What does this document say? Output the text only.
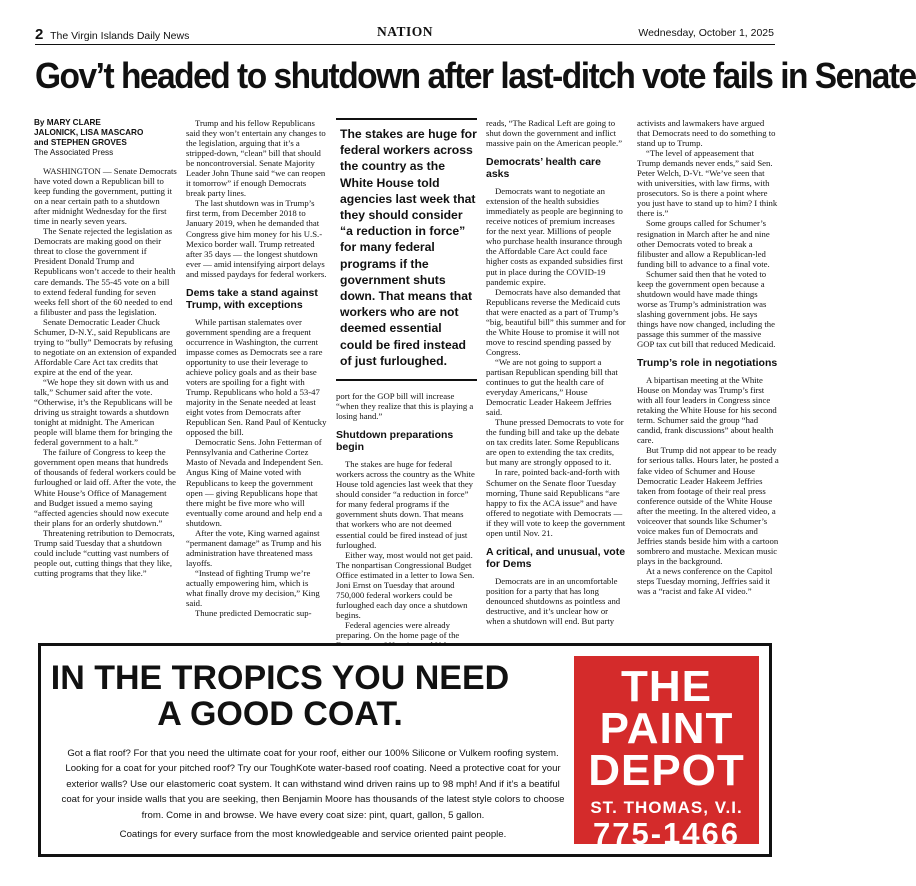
2 The Virgin Islands Daily News	NATION	Wednesday, October 1, 2025
Gov’t headed to shutdown after last-ditch vote fails in Senate
By MARY CLARE
JALONICK, LISA MASCARO
and STEPHEN GROVES
The Associated Press

WASHINGTON — Senate Democrats have voted down a Republican bill to keep funding the government, putting it on a near certain path to a shutdown after midnight Wednesday for the first time in nearly seven years.

The Senate rejected the legislation as Democrats are making good on their threat to close the government if President Donald Trump and Republicans won’t accede to their health care demands. The 55-45 vote on a bill to extend federal funding for seven weeks fell short of the 60 needed to end a filibuster and pass the legislation.

Senate Democratic Leader Chuck Schumer, D-N.Y., said Republicans are trying to “bully” Democrats by refusing to negotiate on an extension of expanded Affordable Care Act tax credits that expire at the end of the year.

“We hope they sit down with us and talk,” Schumer said after the vote. “Otherwise, it’s the Republicans will be driving us straight towards a shutdown tonight at midnight. The American people will blame them for bringing the federal government to a halt.”

The failure of Congress to keep the government open means that hundreds of thousands of federal workers could be furloughed or laid off. After the vote, the White House’s Office of Management and Budget issued a memo saying “affected agencies should now execute their plans for an orderly shutdown.”

Threatening retribution to Democrats, Trump said Tuesday that a shutdown could include “cutting vast numbers of people out, cutting things that they like, cutting programs that they like.”

Trump and his fellow Republicans said they won’t entertain any changes to the legislation, arguing that it’s a stripped-down, “clean” bill that should be noncontroversial. Senate Majority Leader John Thune said “we can reopen it tomorrow” if enough Democrats break party lines.

The last shutdown was in Trump’s first term, from December 2018 to January 2019, when he demanded that Congress give him money for his U.S.-Mexico border wall. Trump retreated after 35 days — the longest shutdown ever — amid intensifying airport delays and missed paydays for federal workers.

Dems take a stand against Trump, with exceptions

While partisan stalemates over government spending are a frequent occurrence in Washington, the current impasse comes as Democrats see a rare opportunity to use their leverage to achieve policy goals and as their base voters are spoiling for a fight with Trump. Republicans who hold a 53-47 majority in the Senate needed at least eight votes from Democrats after Republican Sen. Rand Paul of Kentucky opposed the bill.

Democratic Sens. John Fetterman of Pennsylvania and Catherine Cortez Masto of Nevada and Independent Sen. Angus King of Maine voted with Republicans to keep the government open — giving Republicans hope that there might be five more who will eventually come around and help end a shutdown.

After the vote, King warned against “permanent damage” as Trump and his administration have threatened mass layoffs.

“Instead of fighting Trump we’re actually empowering him, which is what finally drove my decision,” King said.

Thune predicted Democratic sup-

The stakes are huge for federal workers across the country as the White House told agencies last week that they should consider “a reduction in force” for many federal programs if the government shuts down. That means that workers who are not deemed essential could be fired instead of just furloughed.

port for the GOP bill will increase “when they realize that this is playing a losing hand.”

Shutdown preparations begin

The stakes are huge for federal workers across the country as the White House told agencies last week that they should consider “a reduction in force” for many federal programs if the government shuts down. That means that workers who are not deemed essential could be fired instead of just furloughed.

Either way, most would not get paid. The nonpartisan Congressional Budget Office estimated in a letter to Iowa Sen. Joni Ernst on Tuesday that around 750,000 federal workers could be furloughed each day once a shutdown begins.

Federal agencies were already preparing. On the home page of the

reads, “The Radical Left are going to shut down the government and inflict massive pain on the American people.”

Democrats’ health care asks

Democrats want to negotiate an extension of the health subsidies immediately as people are beginning to receive notices of premium increases for the next year. Millions of people who purchase health insurance through the Affordable Care Act could face higher costs as expanded subsidies first put in place during the COVID-19 pandemic expire.

Democrats have also demanded that Republicans reverse the Medicaid cuts that were enacted as a part of Trump’s “big, beautiful bill” this summer and for the White House to promise it will not move to rescind spending passed by Congress.

“We are not going to support a partisan Republican spending bill that continues to gut the health care of everyday Americans,” House Democratic Leader Hakeem Jeffries said.

Thune pressed Democrats to vote for the funding bill and take up the debate on tax credits later. Some Republicans are open to extending the tax credits, but many are strongly opposed to it.

In rare, pointed back-and-forth with Schumer on the Senate floor Tuesday morning, Thune said Republicans “are happy to fix the ACA issue” and have offered to negotiate with Democrats — if they will vote to keep the government open until Nov. 21.

A critical, and unusual, vote for Dems

Democrats are in an uncomfortable position for a party that has long denounced shutdowns as pointless and destructive, and it’s unclear how or when a shutdown will end. But party

activists and lawmakers have argued that Democrats need to do something to stand up to Trump.

“The level of appeasement that Trump demands never ends,” said Sen. Peter Welch, D-Vt. “We’ve seen that with universities, with law firms, with prosecutors. So is there a point where you just have to stand up to him? I think there is.”

Some groups called for Schumer’s resignation in March after he and nine other Democrats voted to break a filibuster and allow a Republican-led funding bill to advance to a final vote.

Schumer said then that he voted to keep the government open because a shutdown would have made things worse as Trump’s administration was slashing government jobs. He says things have now changed, including the passage this summer of the massive GOP tax cut bill that reduced Medicaid.

Trump’s role in negotiations

A bipartisan meeting at the White House on Monday was Trump’s first with all four leaders in Congress since retaking the White House for his second term. Schumer said the group “had candid, frank discussions” about health care.

But Trump did not appear to be ready for serious talks. Hours later, he posted a fake video of Schumer and House Democratic Leader Hakeem Jeffries taken from footage of their real press conference outside of the White House after the meeting. In the altered video, a voiceover that sounds like Schumer’s voice makes fun of Democrats and Jeffries stands beside him with a cartoon sombrero and mustache. Mexican music plays in the background.

At a news conference on the Capitol steps Tuesday morning, Jeffries said it was a “racist and fake AI video.”

IN THE TROPICS YOU NEED
A GOOD COAT.
Got a flat roof? For that you need the ultimate coat for your roof, either our 100% Silicone or Vulkem roofing system. Looking for a coat for your pitched roof? Try our ToughKote water-based roof coating. Need a protective coat for your exterior walls? Use our elastomeric coat system. It can withstand wind driven rains up to 98 mph! And if it’s a beatiful coat for your inside walls that you are seeking, then Benjamin Moore has thousands of the latest style colors to choose from. Come in and browse. We have every coat size: pint, quart, gallon, 5 gallon.
Coatings for every surface from the most knowledgeable and service oriented paint people.
THE
PAINT
DEPOT
ST. THOMAS, V.I.
775-1466
